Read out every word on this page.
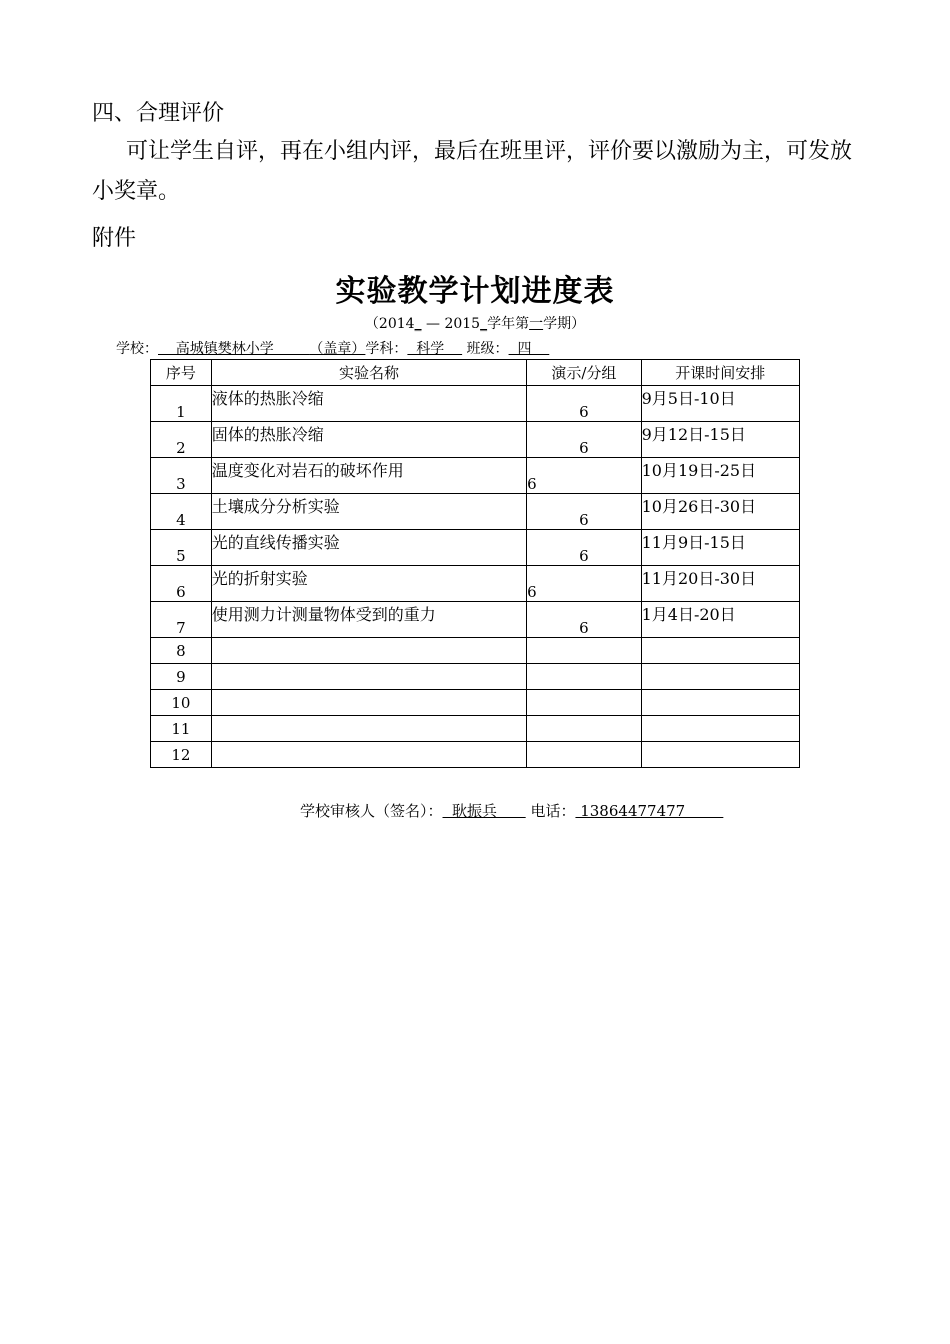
四、合理评价

可让学生自评，再在小组内评，最后在班里评，评价要以激励为主，可发放小奖章。

附件
实验教学计划进度表
（2014_ — 2015_学年第一学期）
学校：    高城镇樊林小学        （盖章）学科：  科学     班级：  四
序号	实验名称	演示/分组	开课时间安排
1	液体的热胀冷缩	6	9月5日-10日
2	固体的热胀冷缩	6	9月12日-15日
3	温度变化对岩石的破坏作用	6	10月19日-25日
4	土壤成分分析实验	6	10月26日-30日
5	光的直线传播实验	6	11月9日-15日
6	光的折射实验	6	11月20日-30日
7	使用测力计测量物体受到的重力	6	1月4日-20日
8			
9			
10			
11			
12			
学校审核人（签名）：  耿振兵       电话： 13864477477
